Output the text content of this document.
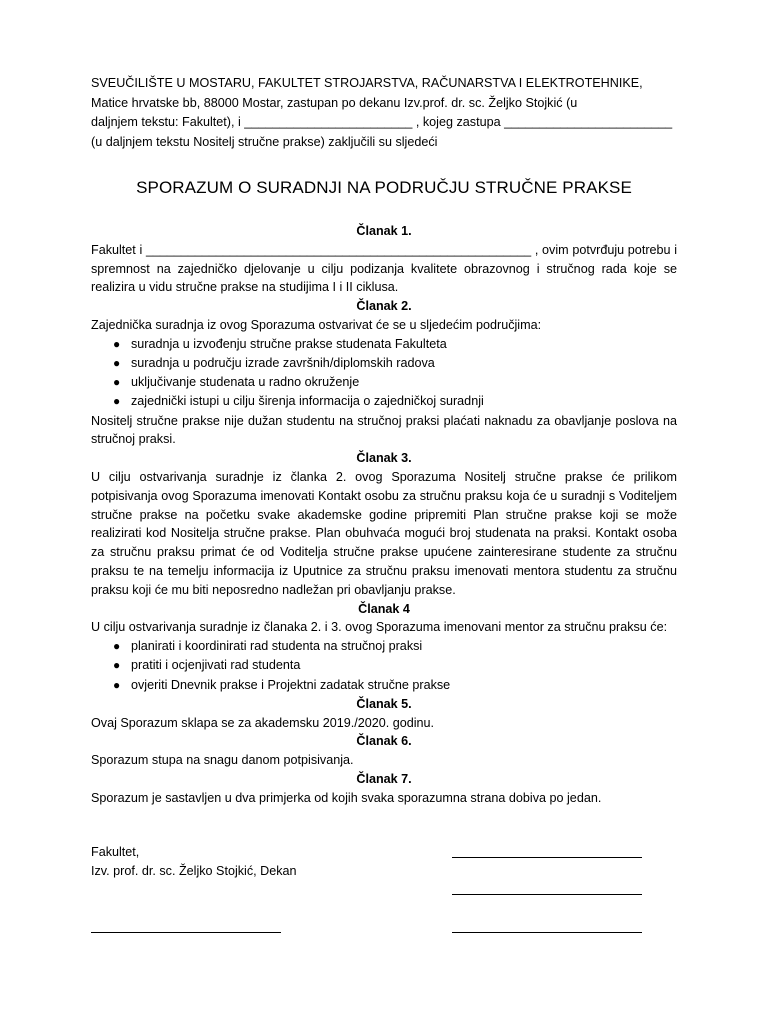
SVEUČILIŠTE U MOSTARU, FAKULTET STROJARSTVA, RAČUNARSTVA I ELEKTROTEHNIKE,
Matice hrvatske bb, 88000 Mostar, zastupan po dekanu Izv.prof. dr. sc. Željko Stojkić (u
daljnjem tekstu: Fakultet), i ________________________ , kojeg zastupa ________________________
(u daljnjem tekstu Nositelj stručne prakse) zaključili su sljedeći
SPORAZUM O SURADNJI NA PODRUČJU STRUČNE PRAKSE
Članak 1.
Fakultet i _______________________________________________________ , ovim potvrđuju potrebu i spremnost na zajedničko djelovanje u cilju podizanja kvalitete obrazovnog i stručnog rada koje se realizira u vidu stručne prakse na studijima I i II ciklusa.
Članak 2.
Zajednička suradnja iz ovog Sporazuma ostvarivat će se u sljedećim područjima:
● suradnja u izvođenju stručne prakse studenata Fakulteta
● suradnja u području izrade završnih/diplomskih radova
● uključivanje studenata u radno okruženje
● zajednički istupi u cilju širenja informacija o zajedničkoj suradnji
Nositelj stručne prakse nije dužan studentu na stručnoj praksi plaćati naknadu za obavljanje poslova na stručnoj praksi.
Članak 3.
U cilju ostvarivanja suradnje iz članka 2. ovog Sporazuma Nositelj stručne prakse će prilikom potpisivanja ovog Sporazuma imenovati Kontakt osobu za stručnu praksu koja će u suradnji s Voditeljem stručne prakse na početku svake akademske godine pripremiti Plan stručne prakse koji se može realizirati kod Nositelja stručne prakse. Plan obuhvaća mogući broj studenata na praksi. Kontakt osoba za stručnu praksu primat će od Voditelja stručne prakse upućene zainteresirane studente za stručnu praksu te na temelju informacija iz Uputnice za stručnu praksu imenovati mentora studentu za stručnu praksu koji će mu biti neposredno nadležan pri obavljanju prakse.
Članak 4
U cilju ostvarivanja suradnje iz članaka 2. i 3. ovog Sporazuma imenovani mentor za stručnu praksu će:
● planirati i koordinirati rad studenta na stručnoj praksi
● pratiti i ocjenjivati rad studenta
● ovjeriti Dnevnik prakse i Projektni zadatak stručne prakse
Članak 5.
Ovaj Sporazum sklapa se za akademsku 2019./2020. godinu.
Članak 6.
Sporazum stupa na snagu danom potpisivanja.
Članak 7.
Sporazum je sastavljen u dva primjerka od kojih svaka sporazumna strana dobiva po jedan.
Fakultet,
Izv. prof. dr. sc. Željko Stojkić, Dekan
